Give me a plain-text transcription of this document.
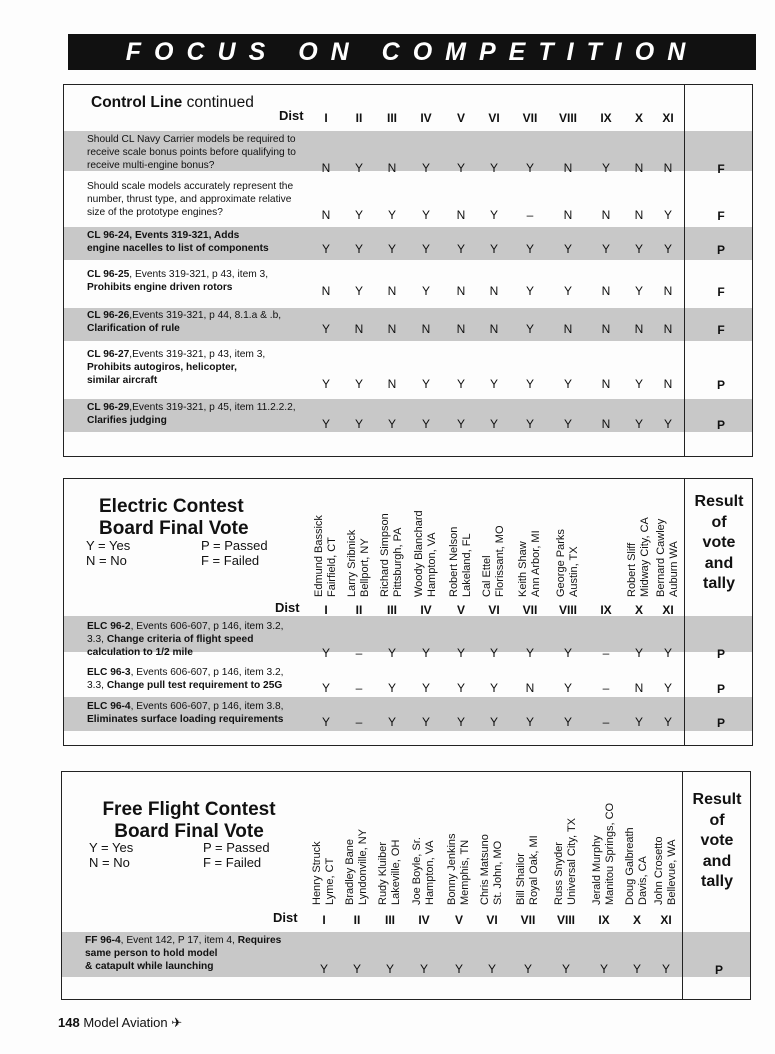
FOCUS ON COMPETITION
Control Line continued
Dist	I	II	III	IV	V	VI	VII	VIII	IX	X	XI
Should CL Navy Carrier models be required to
receive scale bonus points before qualifying to
receive multi-engine bonus?	N	Y	N	Y	Y	Y	Y	N	Y	N	N	F
Should scale models accurately represent the
number, thrust type, and approximate relative
size of the prototype engines?	N	Y	Y	Y	N	Y	–	N	N	N	Y	F
CL 96-24, Events 319-321, Adds
engine nacelles to list of components	Y	Y	Y	Y	Y	Y	Y	Y	Y	Y	Y	P
CL 96-25, Events 319-321, p 43, item 3,
Prohibits engine driven rotors	N	Y	N	Y	N	N	Y	Y	N	Y	N	F
CL 96-26,Events 319-321, p 44, 8.1.a & .b,
Clarification of rule	Y	N	N	N	N	N	Y	N	N	N	N	F
CL 96-27,Events 319-321, p 43, item 3,
Prohibits autogiros, helicopter,
similar aircraft	Y	Y	N	Y	Y	Y	Y	Y	N	Y	N	P
CL 96-29,Events 319-321, p 45, item 11.2.2.2,
Clarifies judging	Y	Y	Y	Y	Y	Y	Y	Y	N	Y	Y	P
Electric Contest
Board Final Vote
Y = Yes
N = No
P = Passed
F = Failed
Dist
Edmund Bassick Fairfield, CT Larry Sribnick Bellport, NY Richard Simpson Pittsburgh, PA Woody Blanchard Hampton, VA Robert Nelson Lakeland, FL Cal Ettel Florissant, MO Keith Shaw Ann Arbor, MI George Parks Austin, TX	Robert Sliff Midway City, CA Bernard Cawley Auburn WA
I	II	III	IV	V	VI	VII	VIII	IX	X	XI
Result
of
vote
and
tally
ELC 96-2, Events 606-607, p 146, item 3.2,
3.3, Change criteria of flight speed
calculation to 1/2 mile	Y	–	Y	Y	Y	Y	Y	Y	–	Y	Y	P
ELC 96-3, Events 606-607, p 146, item 3.2,
3.3, Change pull test requirement to 25G	Y	–	Y	Y	Y	Y	N	Y	–	N	Y	P
ELC 96-4, Events 606-607, p 146, item 3.8,
Eliminates surface loading requirements	Y	–	Y	Y	Y	Y	Y	Y	–	Y	Y	P
Free Flight Contest
Board Final Vote
Y = Yes
N = No
P = Passed
F = Failed
Dist
Henry Struck Lyme, CT Bradley Bane Lyndonville, NY Rudy Kluiber Lakeville, OH Joe Boyle, Sr. Hampton, VA Bonny Jenkins Memphis, TN Chris Matsuno St. John, MO Bill Shailor Royal Oak, MI Russ Snyder Universal City, TX Jerald Murphy Manitou Springs, CO Doug Galbreath Davis, CA John Crosetto Bellevue, WA
I	II	III	IV	V	VI	VII	VIII	IX	X	XI
Result
of
vote
and
tally
FF 96-4, Event 142, P 17, item 4, Requires
same person to hold model
& catapult while launching	Y	Y	Y	Y	Y	Y	Y	Y	Y	Y	Y	P
148 Model Aviation ✈
